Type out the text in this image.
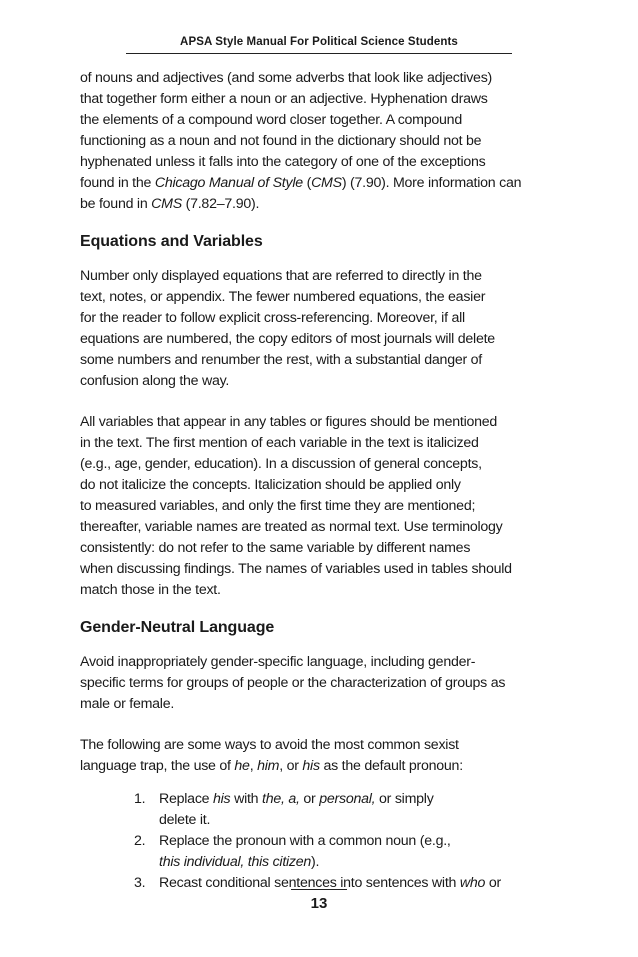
APSA Style Manual For Political Science Students

of nouns and adjectives (and some adverbs that look like adjectives)
that together form either a noun or an adjective. Hyphenation draws
the elements of a compound word closer together. A compound
functioning as a noun and not found in the dictionary should not be
hyphenated unless it falls into the category of one of the exceptions
found in the Chicago Manual of Style (CMS) (7.90). More information can
be found in CMS (7.82–7.90).

Equations and Variables

Number only displayed equations that are referred to directly in the
text, notes, or appendix. The fewer numbered equations, the easier
for the reader to follow explicit cross-referencing. Moreover, if all
equations are numbered, the copy editors of most journals will delete
some numbers and renumber the rest, with a substantial danger of
confusion along the way.

All variables that appear in any tables or figures should be mentioned
in the text. The first mention of each variable in the text is italicized
(e.g., age, gender, education). In a discussion of general concepts,
do not italicize the concepts. Italicization should be applied only
to measured variables, and only the first time they are mentioned;
thereafter, variable names are treated as normal text. Use terminology
consistently: do not refer to the same variable by different names
when discussing findings. The names of variables used in tables should
match those in the text.

Gender-Neutral Language

Avoid inappropriately gender-specific language, including gender-
specific terms for groups of people or the characterization of groups as
male or female.

The following are some ways to avoid the most common sexist
language trap, the use of he, him, or his as the default pronoun:

1. Replace his with the, a, or personal, or simply
delete it.
2. Replace the pronoun with a common noun (e.g.,
this individual, this citizen).
3. Recast conditional sentences into sentences with who or
13
